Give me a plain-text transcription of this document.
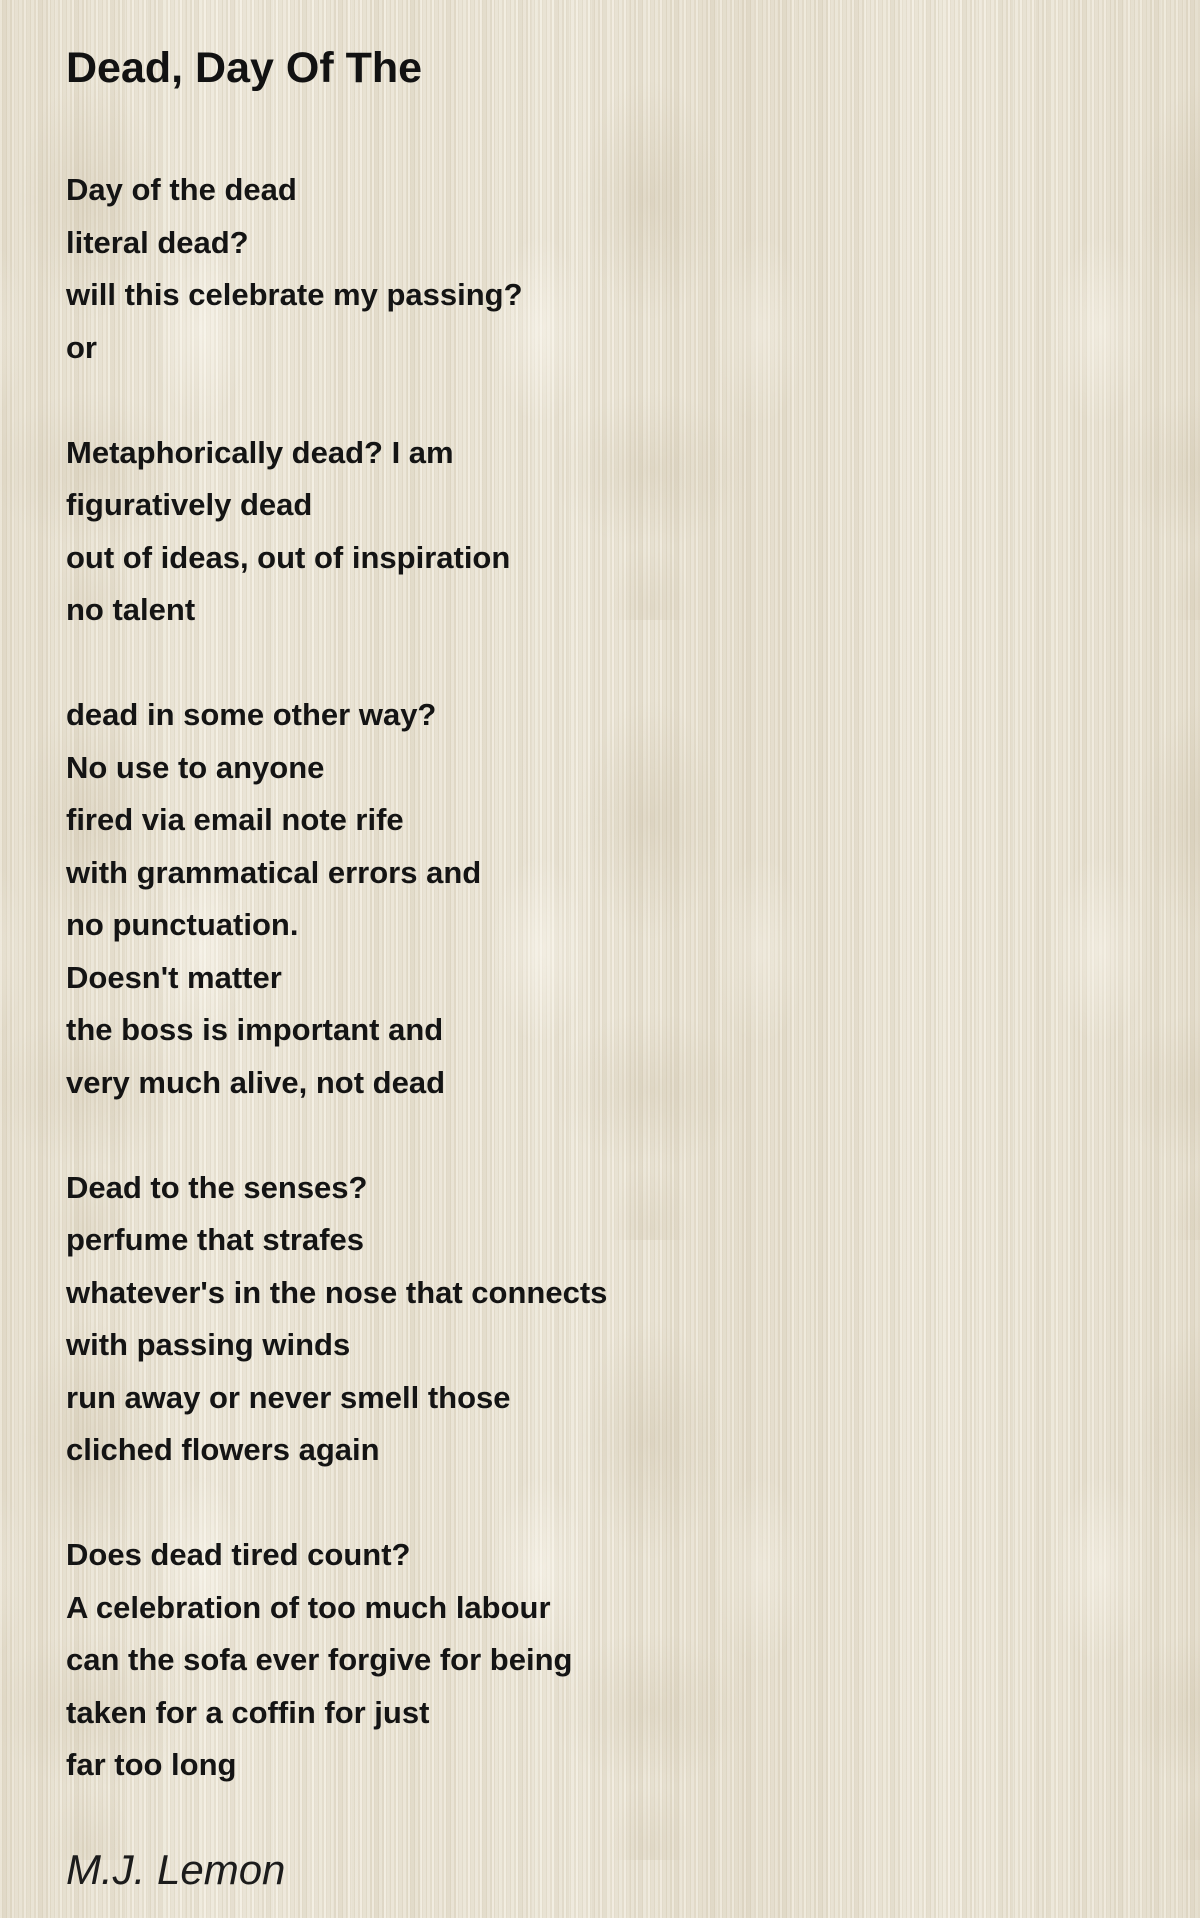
Dead, Day Of The
Day of the dead
literal dead?
will this celebrate my passing?
or
Metaphorically dead? I am
figuratively dead
out of ideas, out of inspiration
no talent
dead in some other way?
No use to anyone
fired via email note rife
with grammatical errors and
no punctuation.
Doesn't matter
the boss is important and
very much alive, not dead
Dead to the senses?
perfume that strafes
whatever's in the nose that connects
with passing winds
run away or never smell those
cliched flowers again
Does dead tired count?
A celebration of too much labour
can the sofa ever forgive for being
taken for a coffin for just
far too long
M.J. Lemon
